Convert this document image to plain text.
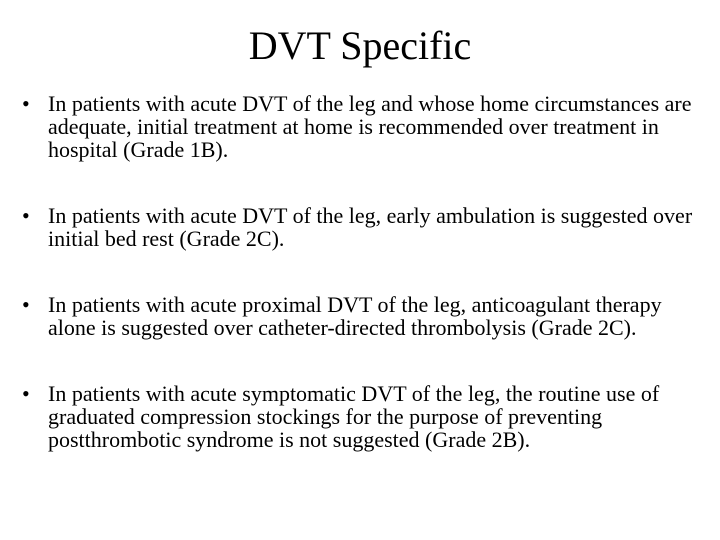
DVT Specific
• In patients with acute DVT of the leg and whose home circumstances are adequate, initial treatment at home is recommended over treatment in hospital (Grade 1B).
• In patients with acute DVT of the leg, early ambulation is suggested over initial bed rest (Grade 2C).
• In patients with acute proximal DVT of the leg, anticoagulant therapy alone is suggested over catheter-directed thrombolysis (Grade 2C).
• In patients with acute symptomatic DVT of the leg, the routine use of graduated compression stockings for the purpose of preventing postthrombotic syndrome is not suggested (Grade 2B).
